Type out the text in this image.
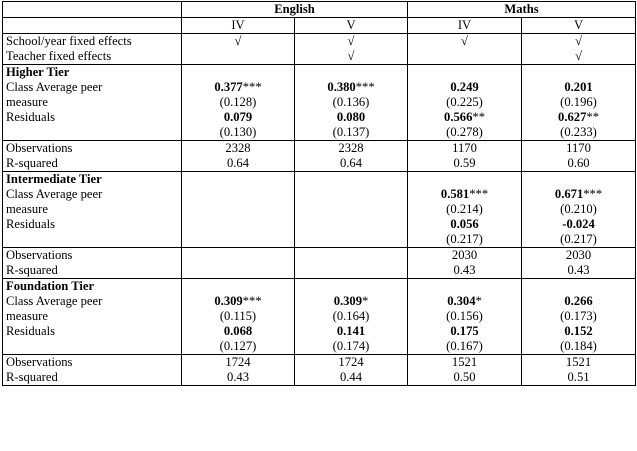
	English		Maths	
	IV	V	IV	V
School/year fixed effects	√	√	√	√
Teacher fixed effects		√		√
Higher Tier				
Class Average peer	0.377***	0.380***	0.249	0.201
measure	(0.128)	(0.136)	(0.225)	(0.196)
Residuals	0.079	0.080	0.566**	0.627**
	(0.130)	(0.137)	(0.278)	(0.233)
Observations	2328	2328	1170	1170
R-squared	0.64	0.64	0.59	0.60
Intermediate Tier				
Class Average peer			0.581***	0.671***
measure			(0.214)	(0.210)
Residuals			0.056	-0.024
			(0.217)	(0.217)
Observations			2030	2030
R-squared			0.43	0.43
Foundation Tier				
Class Average peer	0.309***	0.309*	0.304*	0.266
measure	(0.115)	(0.164)	(0.156)	(0.173)
Residuals	0.068	0.141	0.175	0.152
	(0.127)	(0.174)	(0.167)	(0.184)
Observations	1724	1724	1521	1521
R-squared	0.43	0.44	0.50	0.51
